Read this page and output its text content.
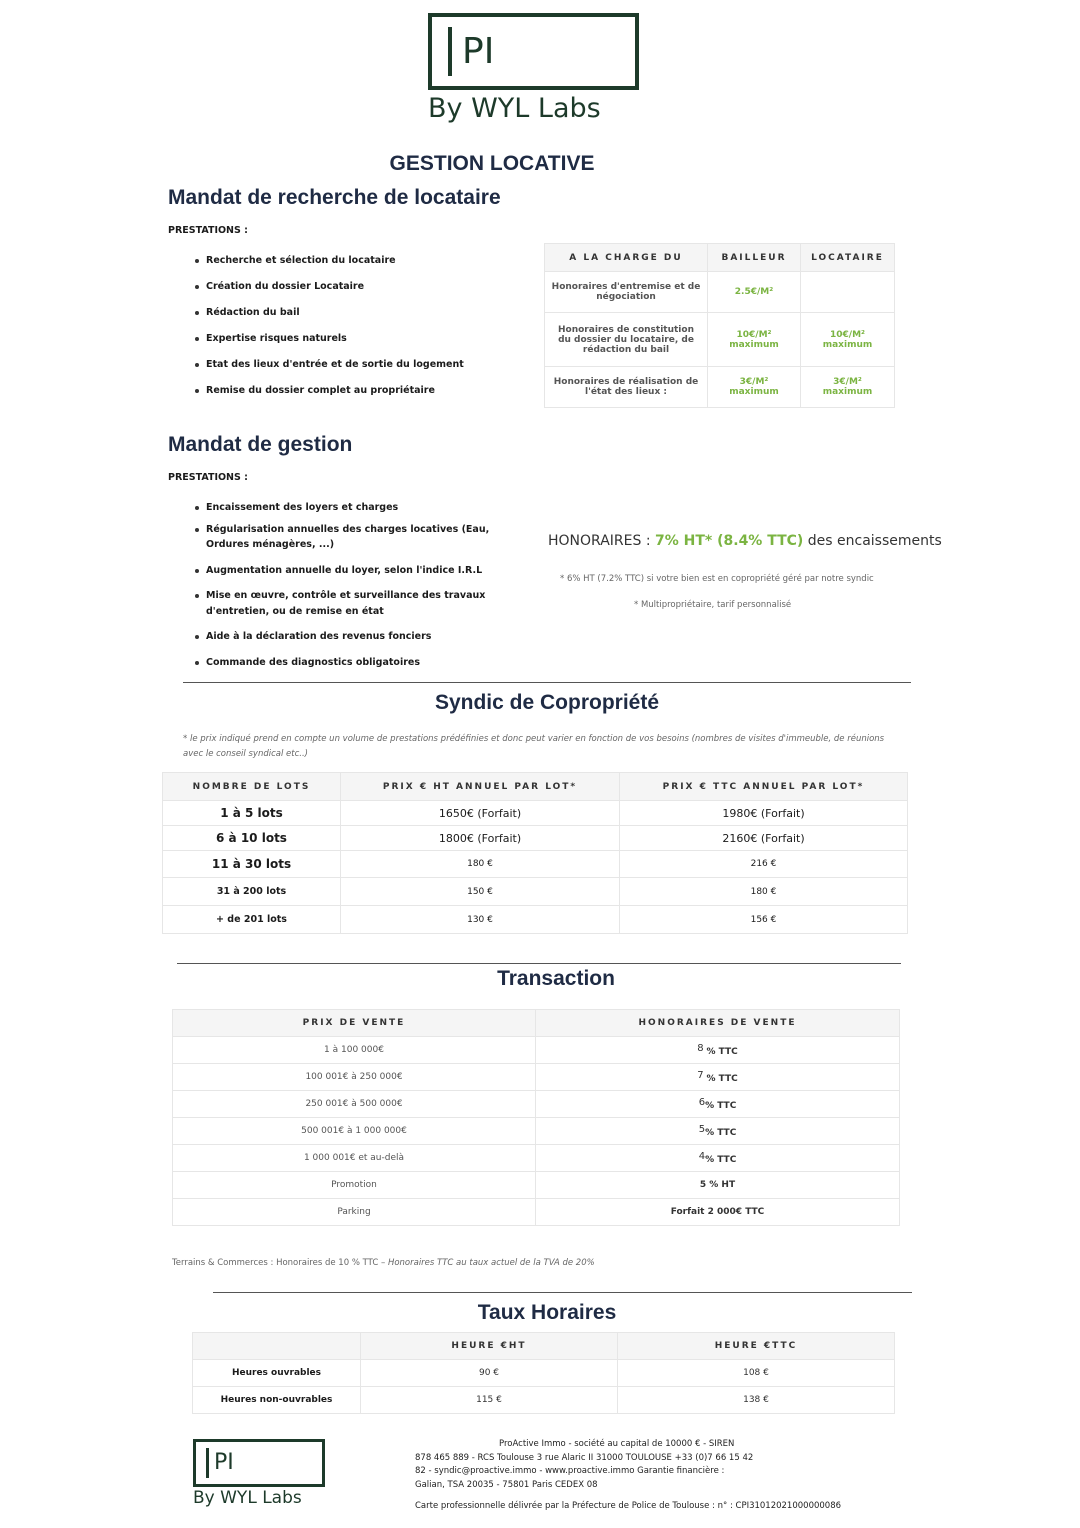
PI
By WYL Labs
GESTION LOCATIVE
Mandat de recherche de locataire
PRESTATIONS :
Recherche et sélection du locataire
Création du dossier Locataire
Rédaction du bail
Expertise risques naturels
Etat des lieux d'entrée et de sortie du logement
Remise du dossier complet au propriétaire
A LA CHARGE DU	BAILLEUR	LOCATAIRE
Honoraires d'entremise et de négociation	2.5€/M²	
Honoraires de constitution du dossier du locataire, de rédaction du bail	10€/M² maximum	10€/M² maximum
Honoraires de réalisation de l'état des lieux :	3€/M² maximum	3€/M² maximum
Mandat de gestion
PRESTATIONS :
Encaissement des loyers et charges
Régularisation annuelles des charges locatives (Eau, Ordures ménagères, ...)
Augmentation annuelle du loyer, selon l'indice I.R.L
Mise en œuvre, contrôle et surveillance des travaux d'entretien, ou de remise en état
Aide à la déclaration des revenus fonciers
Commande des diagnostics obligatoires
HONORAIRES : 7% HT* (8.4% TTC) des encaissements
* 6% HT (7.2% TTC) si votre bien est en copropriété géré par notre syndic
* Multipropriétaire, tarif personnalisé
Syndic de Copropriété
* le prix indiqué prend en compte un volume de prestations prédéfinies et donc peut varier en fonction de vos besoins (nombres de visites d'immeuble, de réunions avec le conseil syndical etc..)
NOMBRE DE LOTS	PRIX € HT ANNUEL PAR LOT*	PRIX € TTC ANNUEL PAR LOT*
1 à 5 lots	1650€ (Forfait)	1980€ (Forfait)
6 à 10 lots	1800€ (Forfait)	2160€ (Forfait)
11 à 30 lots	180 €	216 €
31 à 200 lots	150 €	180 €
+ de 201 lots	130 €	156 €
Transaction
PRIX DE VENTE	HONORAIRES DE VENTE
1 à 100 000€	8 % TTC
100 001€ à 250 000€	7 % TTC
250 001€ à 500 000€	6% TTC
500 001€ à 1 000 000€	5% TTC
1 000 001€ et au-delà	4% TTC
Promotion	5 % HT
Parking	Forfait 2 000€ TTC
Terrains & Commerces : Honoraires de 10 % TTC – Honoraires TTC au taux actuel de la TVA de 20%
Taux Horaires
	HEURE €HT	HEURE €TTC
Heures ouvrables	90 €	108 €
Heures non-ouvrables	115 €	138 €
PI
By WYL Labs
ProActive Immo - société au capital de 10000 € - SIREN
878 465 889 - RCS Toulouse 3 rue Alaric II 31000 TOULOUSE +33 (0)7 66 15 42
82 - syndic@proactive.immo - www.proactive.immo Garantie financière :
Galian, TSA 20035 - 75801 Paris CEDEX 08
Carte professionnelle délivrée par la Préfecture de Police de Toulouse : n° : CPI31012021000000086
